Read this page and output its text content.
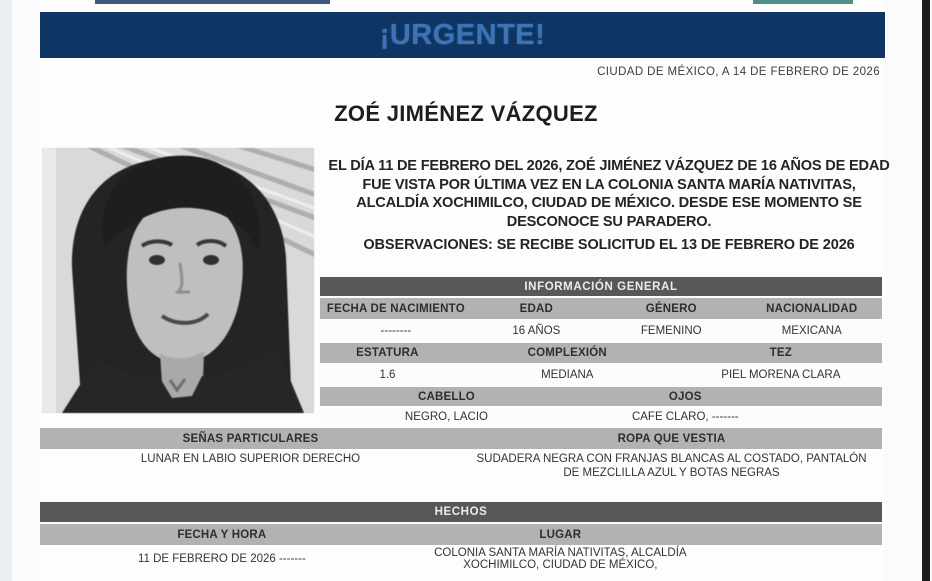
¡URGENTE!
CIUDAD DE MÉXICO, A 14 DE FEBRERO DE 2026
ZOÉ JIMÉNEZ VÁZQUEZ
EL DÍA 11 DE FEBRERO DEL 2026, ZOÉ JIMÉNEZ VÁZQUEZ DE 16 AÑOS DE EDAD FUE VISTA POR ÚLTIMA VEZ EN LA COLONIA SANTA MARÍA NATIVITAS, ALCALDÍA XOCHIMILCO, CIUDAD DE MÉXICO. DESDE ESE MOMENTO SE DESCONOCE SU PARADERO.
OBSERVACIONES: SE RECIBE SOLICITUD EL 13 DE FEBRERO DE 2026
INFORMACIÓN GENERAL
FECHA DE NACIMIENTO	EDAD	GÉNERO	NACIONALIDAD
--------	16 AÑOS	FEMENINO	MEXICANA
ESTATURA	COMPLEXIÓN	TEZ
1.6	MEDIANA	PIEL MORENA CLARA
CABELLO	OJOS
NEGRO, LACIO	CAFE CLARO, -------
SEÑAS PARTICULARES	ROPA QUE VESTIA
LUNAR EN LABIO SUPERIOR DERECHO	SUDADERA NEGRA CON FRANJAS BLANCAS AL COSTADO, PANTALÓN DE MEZCLILLA AZUL Y BOTAS NEGRAS
HECHOS
FECHA Y HORA	LUGAR
11 DE FEBRERO DE 2026 -------	COLONIA SANTA MARÍA NATIVITAS, ALCALDÍA XOCHIMILCO, CIUDAD DE MÉXICO,
